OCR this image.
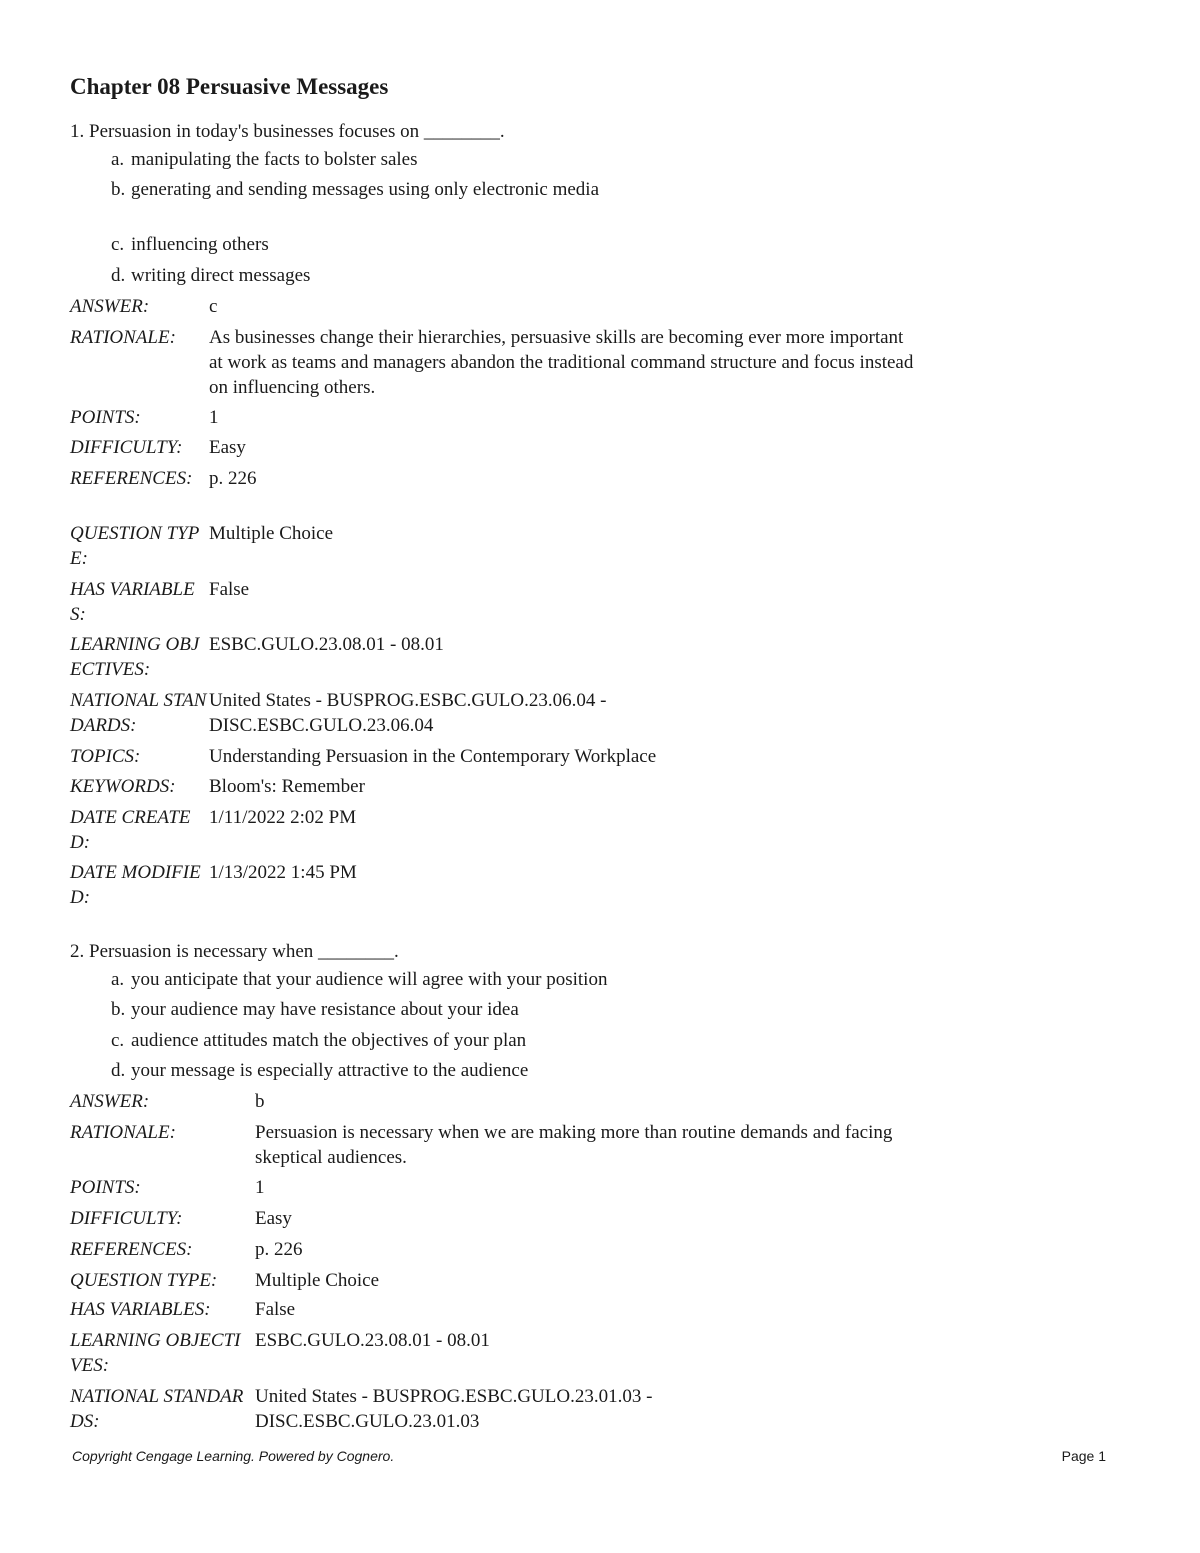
Chapter 08 Persuasive Messages
1. Persuasion in today's businesses focuses on ________.
a. manipulating the facts to bolster sales
b. generating and sending messages using only electronic media
c. influencing others
d. writing direct messages
ANSWER:	c
RATIONALE:	As businesses change their hierarchies, persuasive skills are becoming ever more important at work as teams and managers abandon the traditional command structure and focus instead on influencing others.
POINTS:	1
DIFFICULTY:	Easy
REFERENCES: p. 226
QUESTION TYPE:
Multiple Choice
HAS VARIABLES:
False
LEARNING OBJECTIVES:
ESBC.GULO.23.08.01 - 08.01
NATIONAL STANDARDS:
United States - BUSPROG.ESBC.GULO.23.06.04 - DISC.ESBC.GULO.23.06.04
TOPICS:	Understanding Persuasion in the Contemporary Workplace
KEYWORDS:	Bloom's: Remember
DATE CREATED:
1/11/2022 2:02 PM
DATE MODIFIED:
1/13/2022 1:45 PM
2. Persuasion is necessary when ________.
a. you anticipate that your audience will agree with your position
b. your audience may have resistance about your idea
c. audience attitudes match the objectives of your plan
d. your message is especially attractive to the audience
ANSWER:	b
RATIONALE:	Persuasion is necessary when we are making more than routine demands and facing skeptical audiences.
POINTS:	1
DIFFICULTY:	Easy
REFERENCES:	p. 226
QUESTION TYPE:	Multiple Choice
HAS VARIABLES:	False
LEARNING OBJECTIVES:
ESBC.GULO.23.08.01 - 08.01
NATIONAL STANDARDS:
United States - BUSPROG.ESBC.GULO.23.01.03 - DISC.ESBC.GULO.23.01.03
Copyright Cengage Learning. Powered by Cognero.	Page 1
